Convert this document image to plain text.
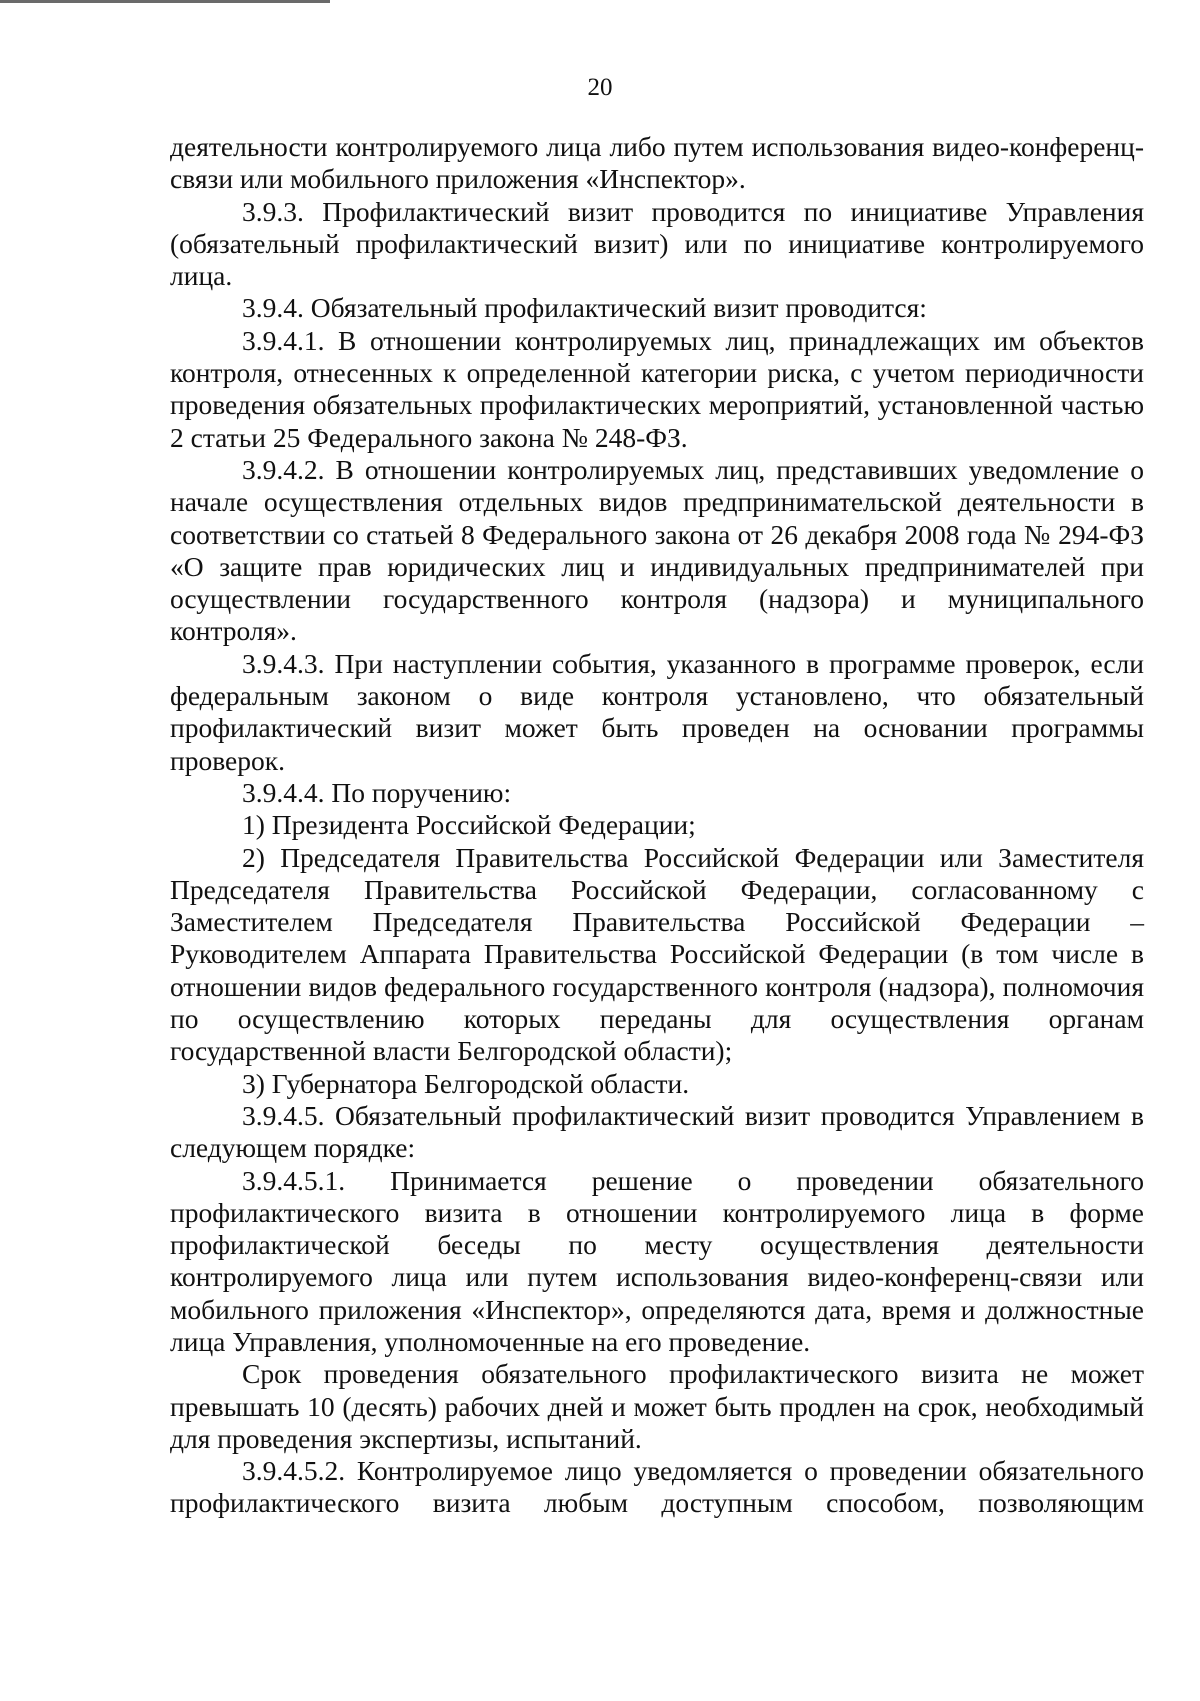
20

деятельности контролируемого лица либо путем использования видео-конференц-связи или мобильного приложения «Инспектор».

3.9.3. Профилактический визит проводится по инициативе Управления (обязательный профилактический визит) или по инициативе контролируемого лица.

3.9.4. Обязательный профилактический визит проводится:

3.9.4.1. В отношении контролируемых лиц, принадлежащих им объектов контроля, отнесенных к определенной категории риска, с учетом периодичности проведения обязательных профилактических мероприятий, установленной частью 2 статьи 25 Федерального закона № 248-ФЗ.

3.9.4.2. В отношении контролируемых лиц, представивших уведомление о начале осуществления отдельных видов предпринимательской деятельности в соответствии со статьей 8 Федерального закона от 26 декабря 2008 года № 294-ФЗ «О защите прав юридических лиц и индивидуальных предпринимателей при осуществлении государственного контроля (надзора) и муниципального контроля».

3.9.4.3. При наступлении события, указанного в программе проверок, если федеральным законом о виде контроля установлено, что обязательный профилактический визит может быть проведен на основании программы проверок.

3.9.4.4. По поручению:

1) Президента Российской Федерации;

2) Председателя Правительства Российской Федерации или Заместителя Председателя Правительства Российской Федерации, согласованному с Заместителем Председателя Правительства Российской Федерации – Руководителем Аппарата Правительства Российской Федерации (в том числе в отношении видов федерального государственного контроля (надзора), полномочия по осуществлению которых переданы для осуществления органам государственной власти Белгородской области);

3) Губернатора Белгородской области.

3.9.4.5. Обязательный профилактический визит проводится Управлением в следующем порядке:

3.9.4.5.1. Принимается решение о проведении обязательного профилактического визита в отношении контролируемого лица в форме профилактической беседы по месту осуществления деятельности контролируемого лица или путем использования видео-конференц-связи или мобильного приложения «Инспектор», определяются дата, время и должностные лица Управления, уполномоченные на его проведение.

Срок проведения обязательного профилактического визита не может превышать 10 (десять) рабочих дней и может быть продлен на срок, необходимый для проведения экспертизы, испытаний.

3.9.4.5.2. Контролируемое лицо уведомляется о проведении обязательного профилактического визита любым доступным способом, позволяющим
